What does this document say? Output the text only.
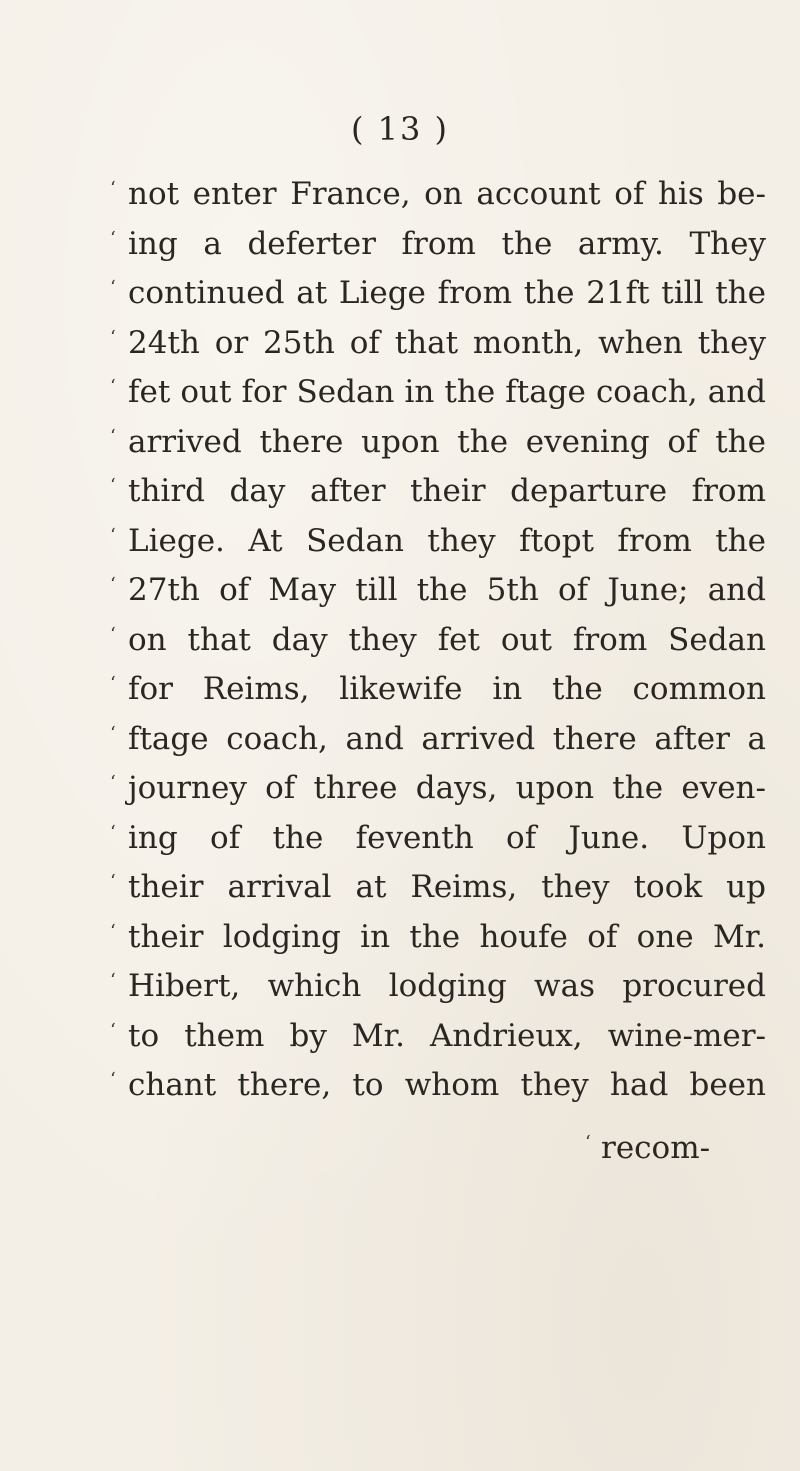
( 13 )
‘ not enter France, on account of his be-
‘ ing a deferter from the army. They
‘ continued at Liege from the 21ft till the
‘ 24th or 25th of that month, when they
‘ fet out for Sedan in the ftage coach, and
‘ arrived there upon the evening of the
‘ third day after their departure from
‘ Liege. At Sedan they ftopt from the
‘ 27th of May till the 5th of June; and
‘ on that day they fet out from Sedan
‘ for Reims, likewife in the common
‘ ftage coach, and arrived there after a
‘ journey of three days, upon the even-
‘ ing of the feventh of June. Upon
‘ their arrival at Reims, they took up
‘ their lodging in the houfe of one Mr.
‘ Hibert, which lodging was procured
‘ to them by Mr. Andrieux, wine-mer-
‘ chant there, to whom they had been
‘ recom-
